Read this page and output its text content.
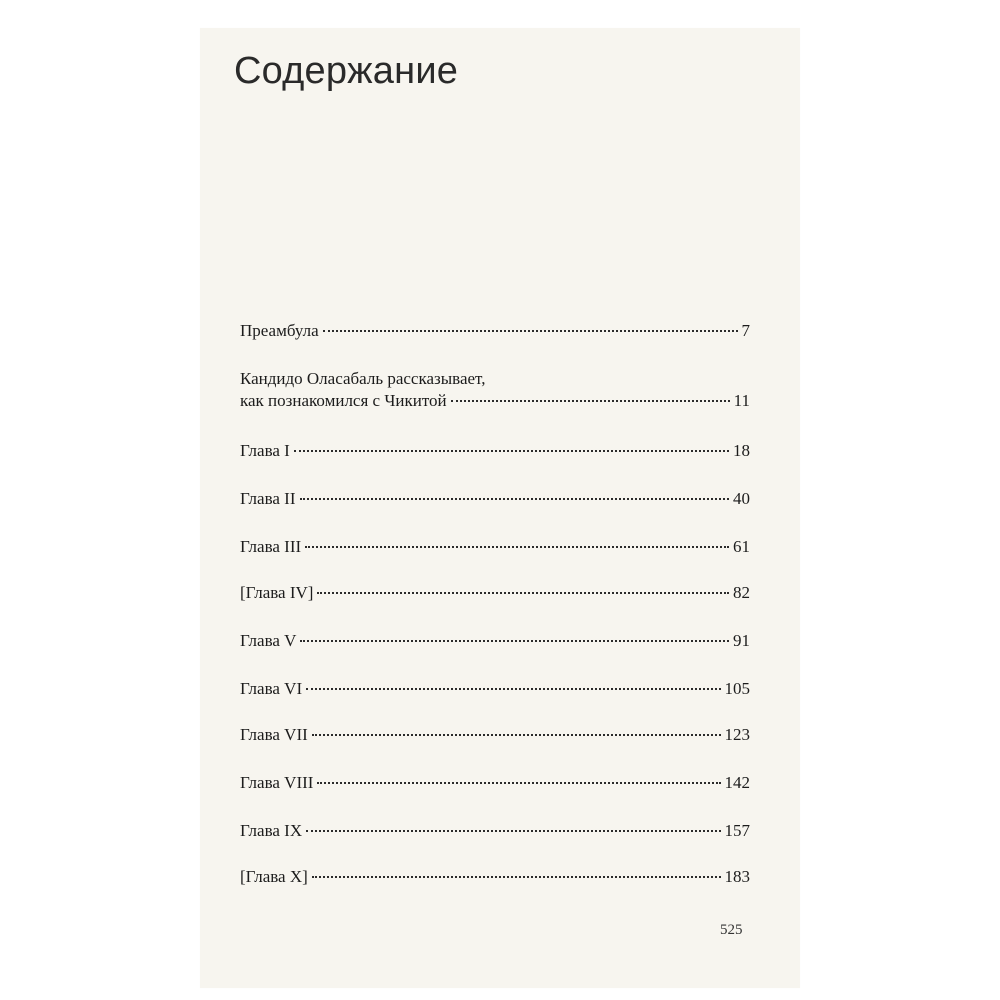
Содержание
Преамбула	7
Кандидо Оласабаль рассказывает,
как познакомился с Чикитой	11
Глава I	18
Глава II	40
Глава III	61
[Глава IV]	82
Глава V	91
Глава VI	105
Глава VII	123
Глава VIII	142
Глава IX	157
[Глава X]	183
525
